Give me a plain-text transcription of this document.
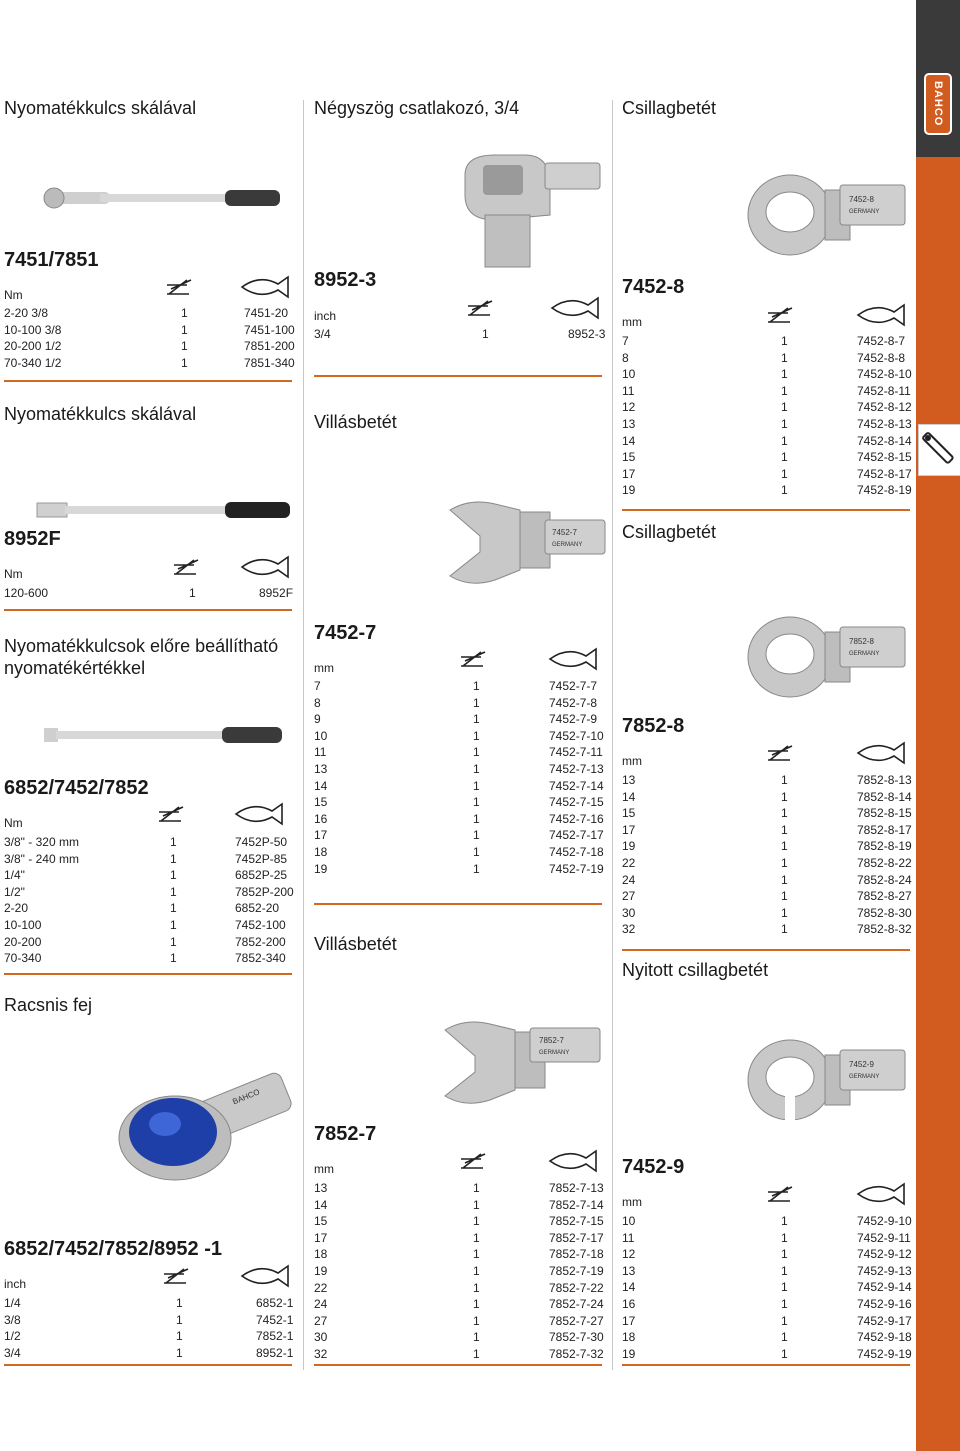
BAHCO
Nyomatékkulcs skálával
7451/7851
Nm
2-20 3/8	1	7451-20
10-100 3/8	1	7451-100
20-200 1/2	1	7851-200
70-340 1/2	1	7851-340
Nyomatékkulcs skálával
8952F
Nm
120-600	1	8952F
Nyomatékkulcsok előre beállítható
nyomatékértékkel
6852/7452/7852
Nm
3/8" - 320 mm	1	7452P-50
3/8" - 240 mm	1	7452P-85
1/4"	1	6852P-25
1/2"	1	7852P-200
2-20	1	6852-20
10-100	1	7452-100
20-200	1	7852-200
70-340	1	7852-340
Racsnis fej
BAHCO
6852/7452/7852/8952 -1
inch
1/4	1	6852-1
3/8	1	7452-1
1/2	1	7852-1
3/4	1	8952-1
Négyszög csatlakozó, 3/4
8952-3
inch
3/4	1	8952-3
Villásbetét
7452-7
GERMANY
7452-7
mm
7	1	7452-7-7
8	1	7452-7-8
9	1	7452-7-9
10	1	7452-7-10
11	1	7452-7-11
13	1	7452-7-13
14	1	7452-7-14
15	1	7452-7-15
16	1	7452-7-16
17	1	7452-7-17
18	1	7452-7-18
19	1	7452-7-19
Villásbetét
7852-7
GERMANY
7852-7
mm
13	1	7852-7-13
14	1	7852-7-14
15	1	7852-7-15
17	1	7852-7-17
18	1	7852-7-18
19	1	7852-7-19
22	1	7852-7-22
24	1	7852-7-24
27	1	7852-7-27
30	1	7852-7-30
32	1	7852-7-32
Csillagbetét
7452-8
GERMANY
7452-8
mm
7	1	7452-8-7
8	1	7452-8-8
10	1	7452-8-10
11	1	7452-8-11
12	1	7452-8-12
13	1	7452-8-13
14	1	7452-8-14
15	1	7452-8-15
17	1	7452-8-17
19	1	7452-8-19
Csillagbetét
7852-8
GERMANY
7852-8
mm
13	1	7852-8-13
14	1	7852-8-14
15	1	7852-8-15
17	1	7852-8-17
19	1	7852-8-19
22	1	7852-8-22
24	1	7852-8-24
27	1	7852-8-27
30	1	7852-8-30
32	1	7852-8-32
Nyitott csillagbetét
7452-9
GERMANY
7452-9
mm
10	1	7452-9-10
11	1	7452-9-11
12	1	7452-9-12
13	1	7452-9-13
14	1	7452-9-14
16	1	7452-9-16
17	1	7452-9-17
18	1	7452-9-18
19	1	7452-9-19
